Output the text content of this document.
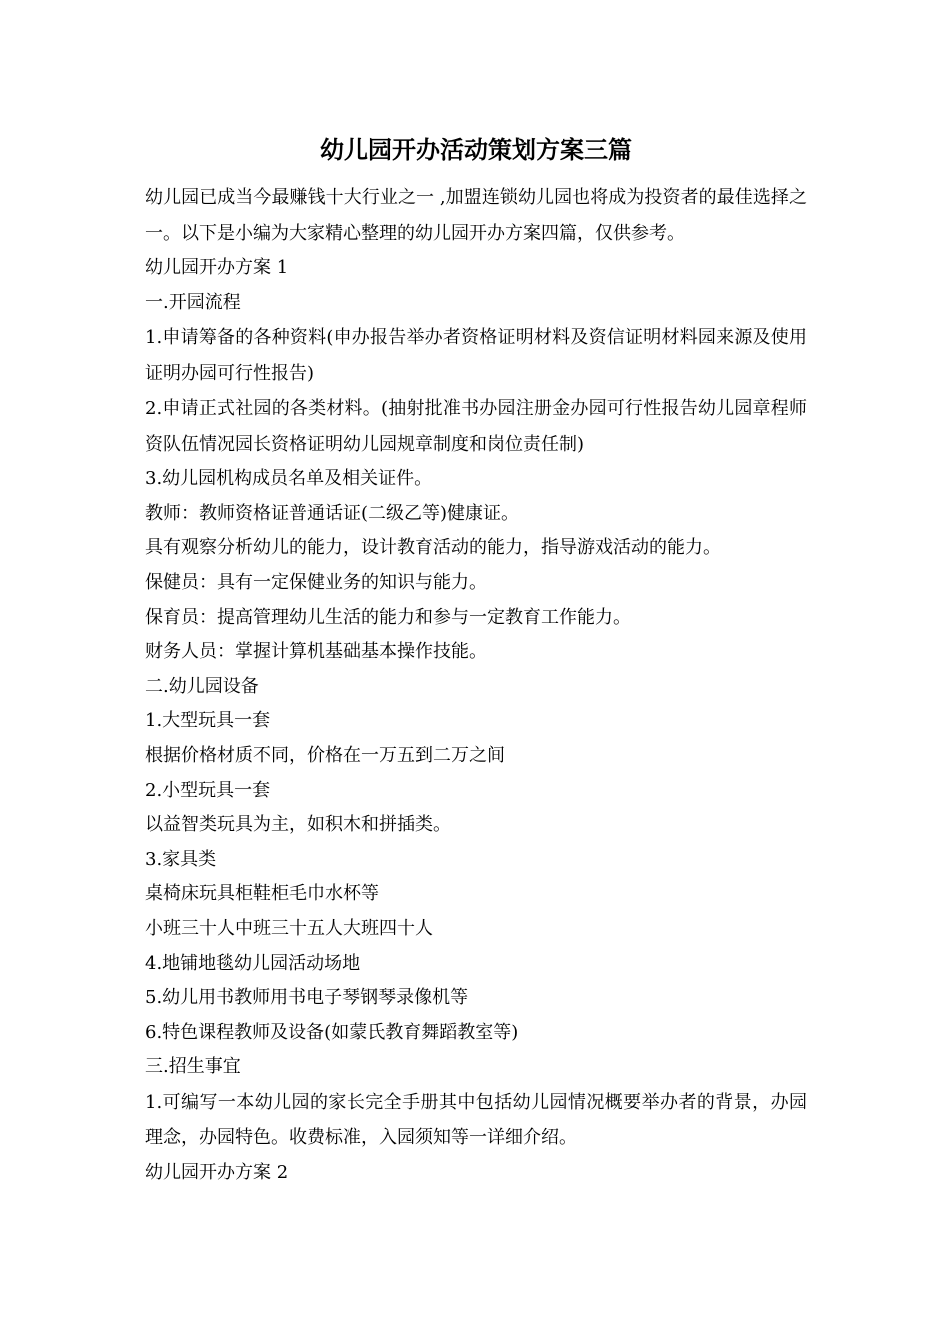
幼儿园开办活动策划方案三篇

幼儿园已成当今最赚钱十大行业之一 ,加盟连锁幼儿园也将成为投资者的最佳选择之一。以下是小编为大家精心整理的幼儿园开办方案四篇，仅供参考。

幼儿园开办方案 1

一.开园流程

1.申请筹备的各种资料(申办报告举办者资格证明材料及资信证明材料园来源及使用证明办园可行性报告)

2.申请正式社园的各类材料。(抽射批准书办园注册金办园可行性报告幼儿园章程师资队伍情况园长资格证明幼儿园规章制度和岗位责任制)

3.幼儿园机构成员名单及相关证件。

教师：教师资格证普通话证(二级乙等)健康证。

具有观察分析幼儿的能力，设计教育活动的能力，指导游戏活动的能力。

保健员：具有一定保健业务的知识与能力。

保育员：提高管理幼儿生活的能力和参与一定教育工作能力。

财务人员：掌握计算机基础基本操作技能。

二.幼儿园设备

1.大型玩具一套

根据价格材质不同，价格在一万五到二万之间

2.小型玩具一套

以益智类玩具为主，如积木和拼插类。

3.家具类

桌椅床玩具柜鞋柜毛巾水杯等

小班三十人中班三十五人大班四十人

4.地铺地毯幼儿园活动场地

5.幼儿用书教师用书电子琴钢琴录像机等

6.特色课程教师及设备(如蒙氏教育舞蹈教室等)

三.招生事宜

1.可编写一本幼儿园的家长完全手册其中包括幼儿园情况概要举办者的背景，办园理念，办园特色。收费标准，入园须知等一详细介绍。

幼儿园开办方案 2
